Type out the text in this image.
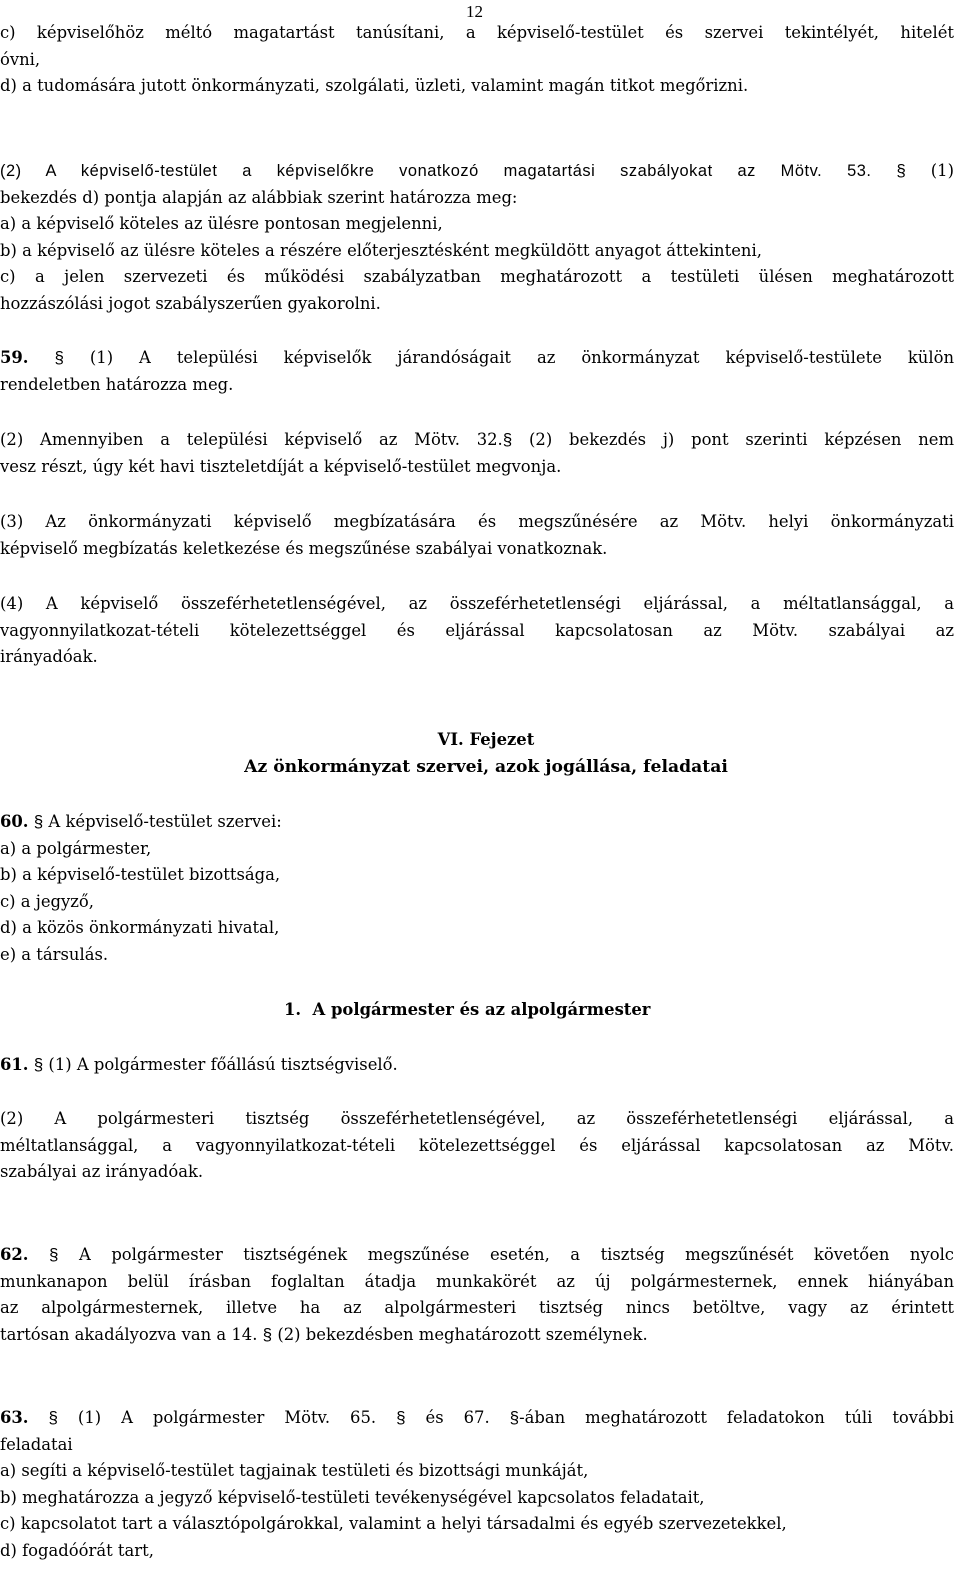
12
c) képviselőhöz méltó magatartást tanúsítani, a képviselő-testület és szervei tekintélyét, hitelét
óvni,
d) a tudomására jutott önkormányzati, szolgálati, üzleti, valamint magán titkot megőrizni.
(2) A képviselő-testület a képviselőkre vonatkozó magatartási szabályokat az Mötv. 53. § (1)
bekezdés d) pontja alapján az alábbiak szerint határozza meg:
a) a képviselő köteles az ülésre pontosan megjelenni,
b) a képviselő az ülésre köteles a részére előterjesztésként megküldött anyagot áttekinteni,
c) a jelen szervezeti és működési szabályzatban meghatározott a testületi ülésen meghatározott
hozzászólási jogot szabályszerűen gyakorolni.
59. § (1) A települési képviselők járandóságait az önkormányzat képviselő-testülete külön
rendeletben határozza meg.
(2) Amennyiben a települési képviselő az Mötv. 32.§ (2) bekezdés j) pont szerinti képzésen nem
vesz részt, úgy két havi tiszteletdíját a képviselő-testület megvonja.
(3) Az önkormányzati képviselő megbízatására és megszűnésére az Mötv. helyi önkormányzati
képviselő megbízatás keletkezése és megszűnése szabályai vonatkoznak.
(4) A képviselő összeférhetetlenségével, az összeférhetetlenségi eljárással, a méltatlansággal, a
vagyonnyilatkozat-tételi kötelezettséggel és eljárással kapcsolatosan az Mötv. szabályai az
irányadóak.
VI. Fejezet
Az önkormányzat szervei, azok jogállása, feladatai
60. § A képviselő-testület szervei:
a) a polgármester,
b) a képviselő-testület bizottsága,
c) a jegyző,
d) a közös önkormányzati hivatal,
e) a társulás.
1.  A polgármester és az alpolgármester
61. § (1) A polgármester főállású tisztségviselő.
(2) A polgármesteri tisztség összeférhetetlenségével, az összeférhetetlenségi eljárással, a
méltatlansággal, a vagyonnyilatkozat-tételi kötelezettséggel és eljárással kapcsolatosan az Mötv.
szabályai az irányadóak.
62. § A polgármester tisztségének megszűnése esetén, a tisztség megszűnését követően nyolc
munkanapon belül írásban foglaltan átadja munkakörét az új polgármesternek, ennek hiányában
az alpolgármesternek, illetve ha az alpolgármesteri tisztség nincs betöltve, vagy az érintett
tartósan akadályozva van a 14. § (2) bekezdésben meghatározott személynek.
63. § (1) A polgármester Mötv. 65. § és 67. §-ában meghatározott feladatokon túli további
feladatai
a) segíti a képviselő-testület tagjainak testületi és bizottsági munkáját,
b) meghatározza a jegyző képviselő-testületi tevékenységével kapcsolatos feladatait,
c) kapcsolatot tart a választópolgárokkal, valamint a helyi társadalmi és egyéb szervezetekkel,
d) fogadóórát tart,
